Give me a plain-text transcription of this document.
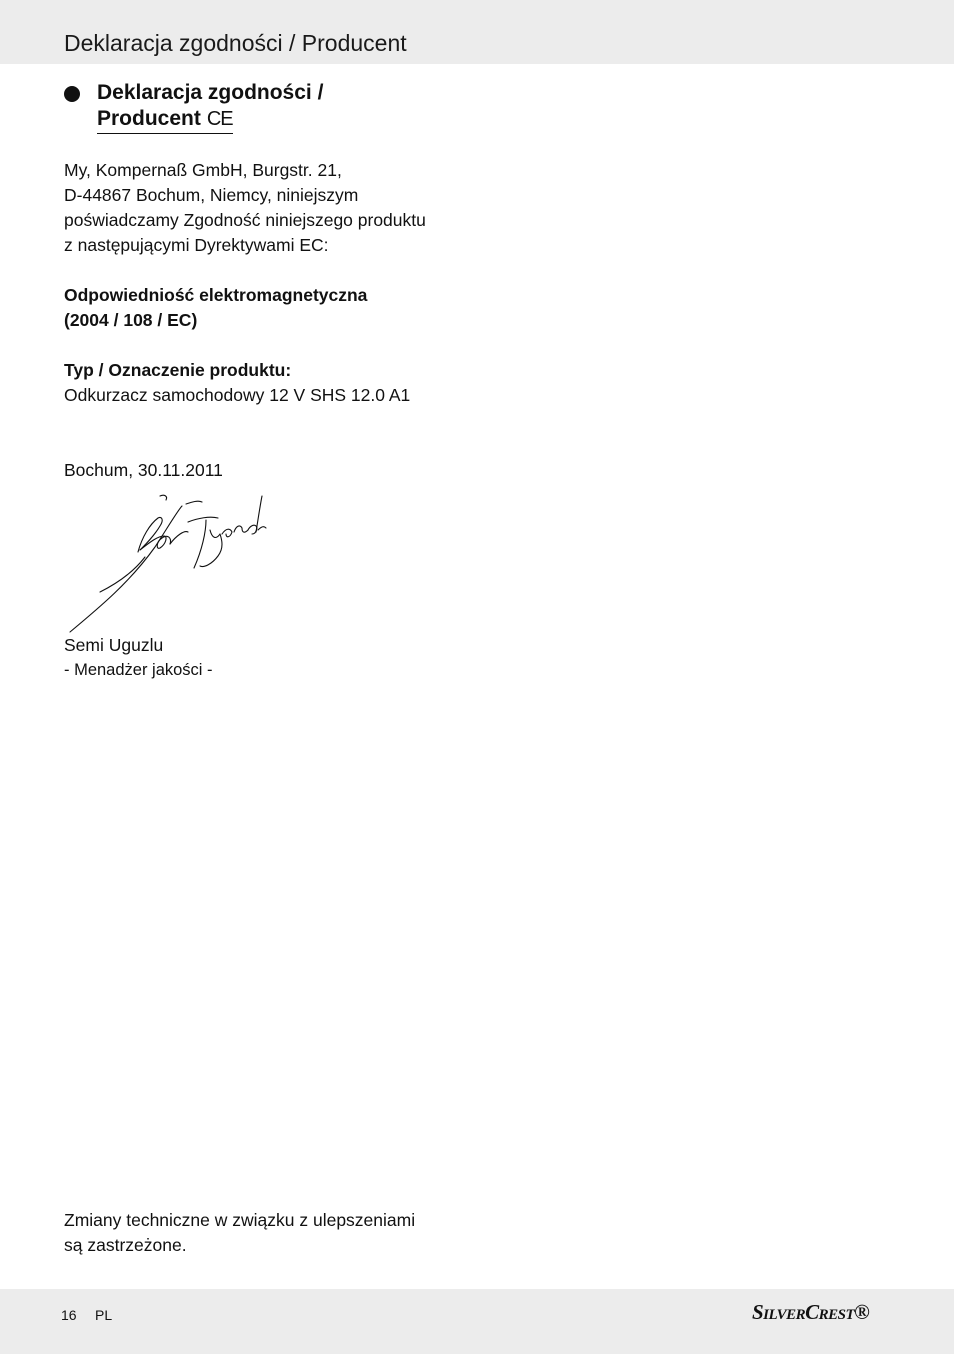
Deklaracja zgodności / Producent
Deklaracja zgodności /
Producent CE
My, Kompernaß GmbH, Burgstr. 21,
D-44867 Bochum, Niemcy, niniejszym
poświadczamy Zgodność niniejszego produktu
z następującymi Dyrektywami EC:
Odpowiedniość elektromagnetyczna
(2004 / 108 / EC)
Typ / Oznaczenie produktu:
Odkurzacz samochodowy 12 V SHS 12.0 A1
Bochum, 30.11.2011
Semi Uguzlu
- Menadżer jakości -
Zmiany techniczne w związku z ulepszeniami
są zastrzeżone.
16 PL	SilverCrest®
